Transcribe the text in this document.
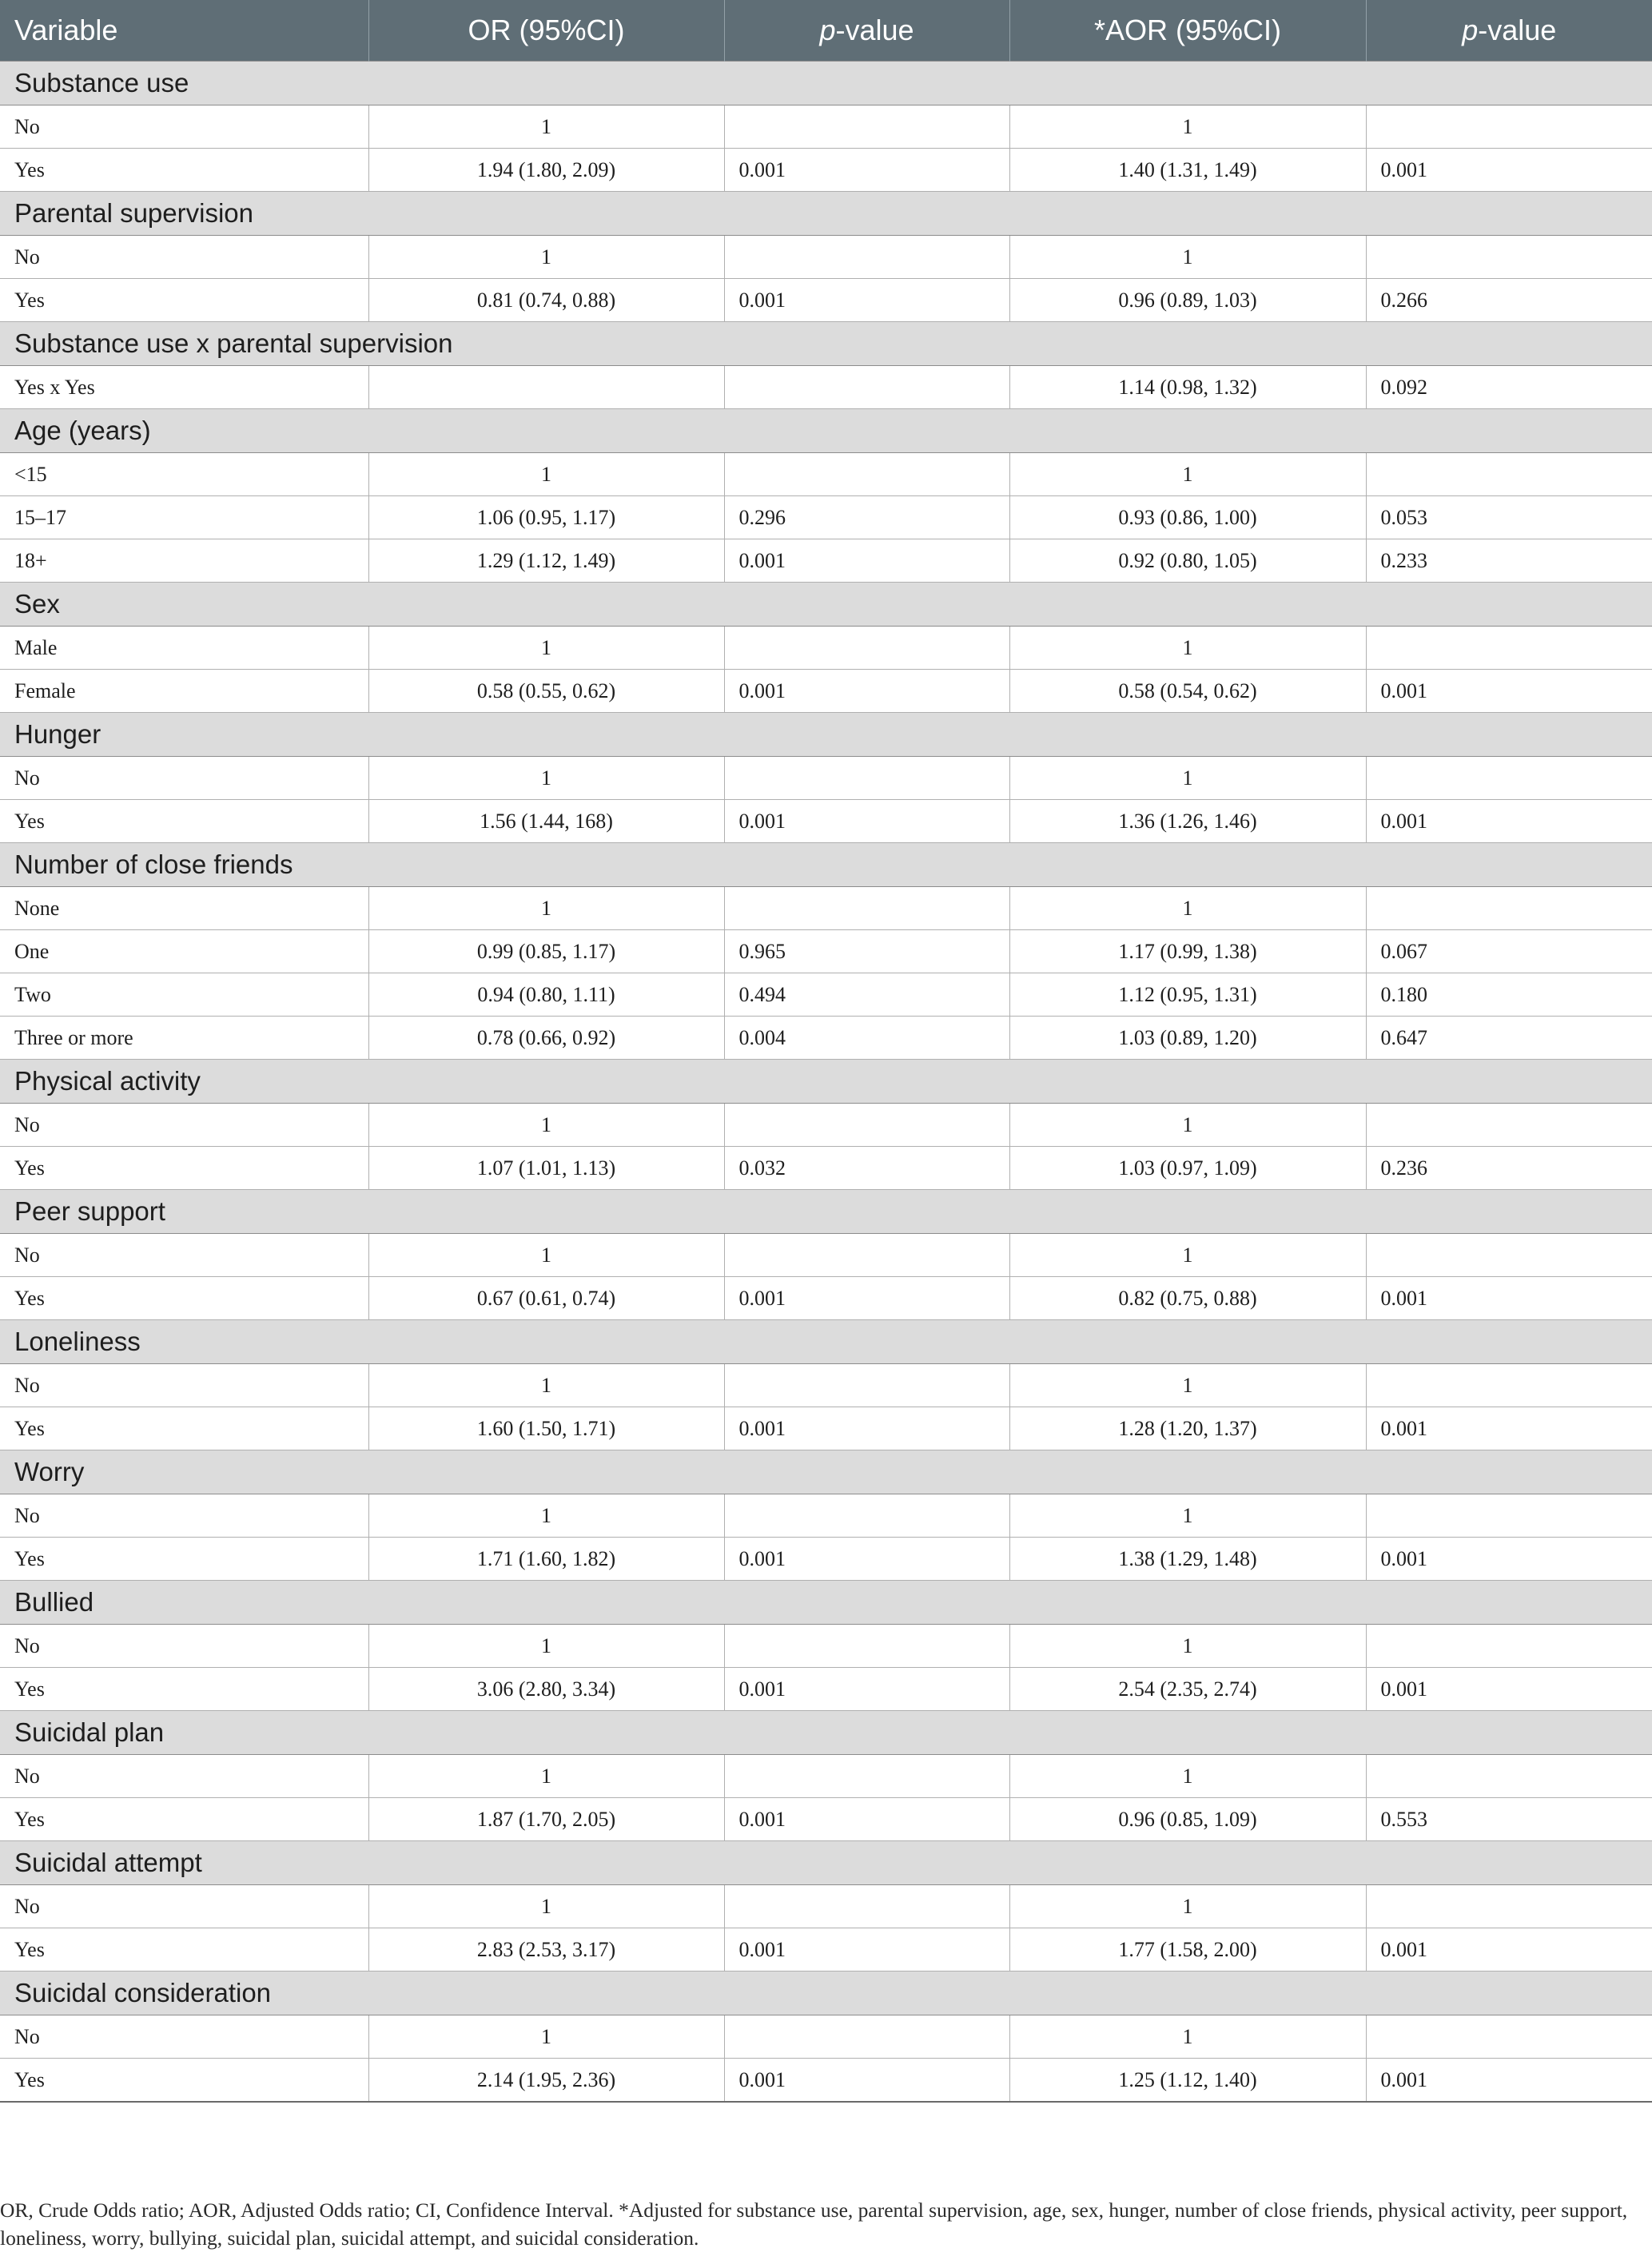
Variable	OR (95%CI)	p-value	*AOR (95%CI)	p-value
Substance use				
No	1		1	
Yes	1.94 (1.80, 2.09)	0.001	1.40 (1.31, 1.49)	0.001
Parental supervision				
No	1		1	
Yes	0.81 (0.74, 0.88)	0.001	0.96 (0.89, 1.03)	0.266
Substance use x parental supervision				
Yes x Yes			1.14 (0.98, 1.32)	0.092
Age (years)				
<15	1		1	
15–17	1.06 (0.95, 1.17)	0.296	0.93 (0.86, 1.00)	0.053
18+	1.29 (1.12, 1.49)	0.001	0.92 (0.80, 1.05)	0.233
Sex				
Male	1		1	
Female	0.58 (0.55, 0.62)	0.001	0.58 (0.54, 0.62)	0.001
Hunger				
No	1		1	
Yes	1.56 (1.44, 168)	0.001	1.36 (1.26, 1.46)	0.001
Number of close friends				
None	1		1	
One	0.99 (0.85, 1.17)	0.965	1.17 (0.99, 1.38)	0.067
Two	0.94 (0.80, 1.11)	0.494	1.12 (0.95, 1.31)	0.180
Three or more	0.78 (0.66, 0.92)	0.004	1.03 (0.89, 1.20)	0.647
Physical activity				
No	1		1	
Yes	1.07 (1.01, 1.13)	0.032	1.03 (0.97, 1.09)	0.236
Peer support				
No	1		1	
Yes	0.67 (0.61, 0.74)	0.001	0.82 (0.75, 0.88)	0.001
Loneliness				
No	1		1	
Yes	1.60 (1.50, 1.71)	0.001	1.28 (1.20, 1.37)	0.001
Worry				
No	1		1	
Yes	1.71 (1.60, 1.82)	0.001	1.38 (1.29, 1.48)	0.001
Bullied				
No	1		1	
Yes	3.06 (2.80, 3.34)	0.001	2.54 (2.35, 2.74)	0.001
Suicidal plan				
No	1		1	
Yes	1.87 (1.70, 2.05)	0.001	0.96 (0.85, 1.09)	0.553
Suicidal attempt				
No	1		1	
Yes	2.83 (2.53, 3.17)	0.001	1.77 (1.58, 2.00)	0.001
Suicidal consideration				
No	1		1	
Yes	2.14 (1.95, 2.36)	0.001	1.25 (1.12, 1.40)	0.001
OR, Crude Odds ratio; AOR, Adjusted Odds ratio; CI, Confidence Interval. *Adjusted for substance use, parental supervision, age, sex, hunger, number of close friends, physical activity, peer support, loneliness, worry, bullying, suicidal plan, suicidal attempt, and suicidal consideration.
